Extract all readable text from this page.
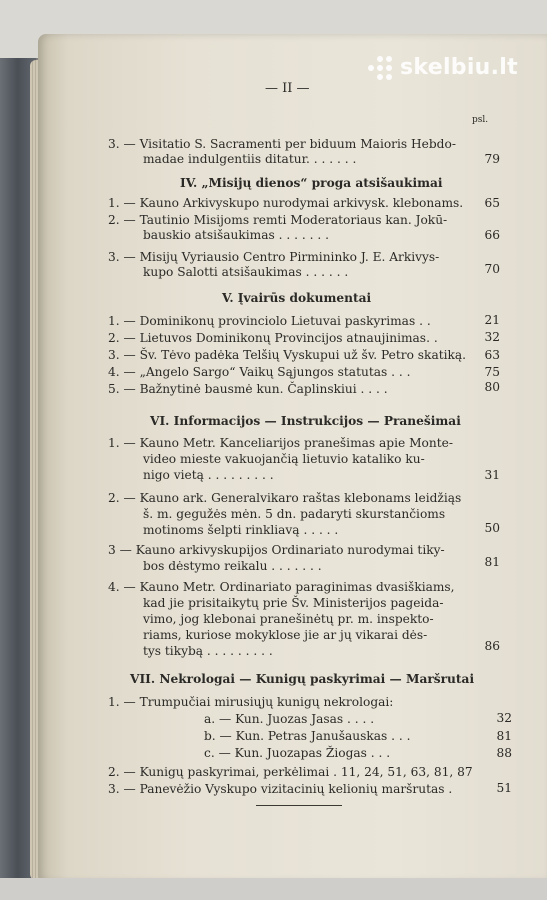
skelbiu.lt
— II —
psl.
3. — Visitatio S. Sacramenti per biduum Maioris Hebdo-
madae indulgentiis ditatur. . . . . . .	79
IV. „Misijų dienos“ proga atsišaukimai
1. — Kauno Arkivyskupo nurodymai arkivysk. klebonams.	65
2. — Tautinio Misijoms remti Moderatoriaus kan. Jokū-
bauskio atsišaukimas . . . . . . .	66
3. — Misijų Vyriausio Centro Pirmininko J. E. Arkivys-
kupo Salotti atsišaukimas . . . . . .	70
V. Įvairūs dokumentai
1. — Dominikonų provinciolo Lietuvai paskyrimas . .	21
2. — Lietuvos Dominikonų Provincijos atnaujinimas. .	32
3. — Šv. Tėvo padėka Telšių Vyskupui už šv. Petro skatiką.	63
4. — „Angelo Sargo“ Vaikų Sąjungos statutas . . .	75
5. — Bažnytinė bausmė kun. Čaplinskiui . . . .	80
VI. Informacijos — Instrukcijos — Pranešimai
1. — Kauno Metr. Kanceliarijos pranešimas apie Monte-
video mieste vakuojančią lietuvio kataliko ku-
nigo vietą . . . . . . . . .	31
2. — Kauno ark. Generalvikaro raštas klebonams leidžiąs
š. m. gegužės mėn. 5 dn. padaryti skurstančioms
motinoms šelpti rinkliavą . . . . .	50
3 — Kauno arkivyskupijos Ordinariato nurodymai tiky-
bos dėstymo reikalu . . . . . . .	81
4. — Kauno Metr. Ordinariato paraginimas dvasiškiams,
kad jie prisitaikytų prie Šv. Ministerijos pageida-
vimo, jog klebonai pranešinėtų pr. m. inspekto-
riams, kuriose mokyklose jie ar jų vikarai dės-
tys tikybą . . . . . . . . .	86
VII. Nekrologai — Kunigų paskyrimai — Maršrutai
1. — Trumpučiai mirusiųjų kunigų nekrologai:
a. — Kun. Juozas Jasas . . . .	32
b. — Kun. Petras Janušauskas . . .	81
c. — Kun. Juozapas Žiogas . . .	88
2. — Kunigų paskyrimai, perkėlimai . 11, 24, 51, 63, 81, 87
3. — Panevėžio Vyskupo vizitacinių kelionių maršrutas .	51
